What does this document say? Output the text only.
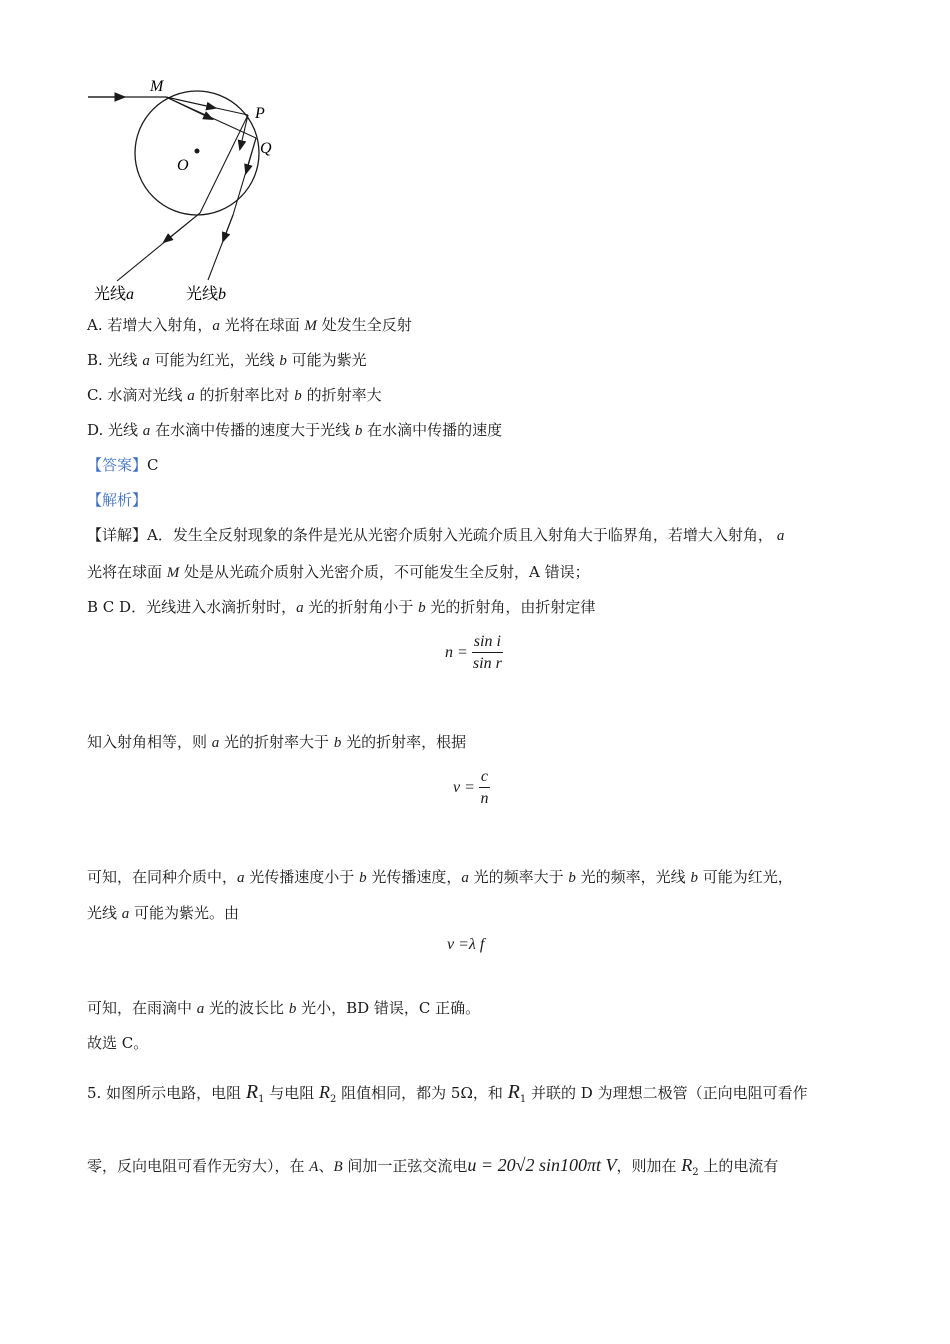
M
P
Q
O
光线a	光线b
A. 若增大入射角，a 光将在球面 M 处发生全反射
B. 光线 a 可能为红光，光线 b 可能为紫光
C. 水滴对光线 a 的折射率比对 b 的折射率大
D. 光线 a 在水滴中传播的速度大于光线 b 在水滴中传播的速度
【答案】C
【解析】
【详解】A．发生全反射现象的条件是光从光密介质射入光疏介质且入射角大于临界角，若增大入射角， a
光将在球面 M 处是从光疏介质射入光密介质，不可能发生全反射，A 错误；
B C D．光线进入水滴折射时，a 光的折射角小于 b 光的折射角，由折射定律
$n = \frac{\text{sin i}}{\text{sin r}}$
知入射角相等，则 a 光的折射率大于 b 光的折射率，根据
$v = \frac{c}{n}$
可知，在同种介质中，a 光传播速度小于 b 光传播速度，a 光的频率大于 b 光的频率，光线 b 可能为红光，
光线 a 可能为紫光。由
v =λ f
可知，在雨滴中 a 光的波长比 b 光小，BD 错误，C 正确。
故选 C。
5. 如图所示电路，电阻 $R_1$ 与电阻 $R_2$ 阻值相同，都为 5Ω，和 $R_1$ 并联的 D 为理想二极管（正向电阻可看作
零，反向电阻可看作无穷大），在 A、B 间加一正弦交流电u = 20√2 sin100πt V，则加在 $R_2$ 上的电流有
